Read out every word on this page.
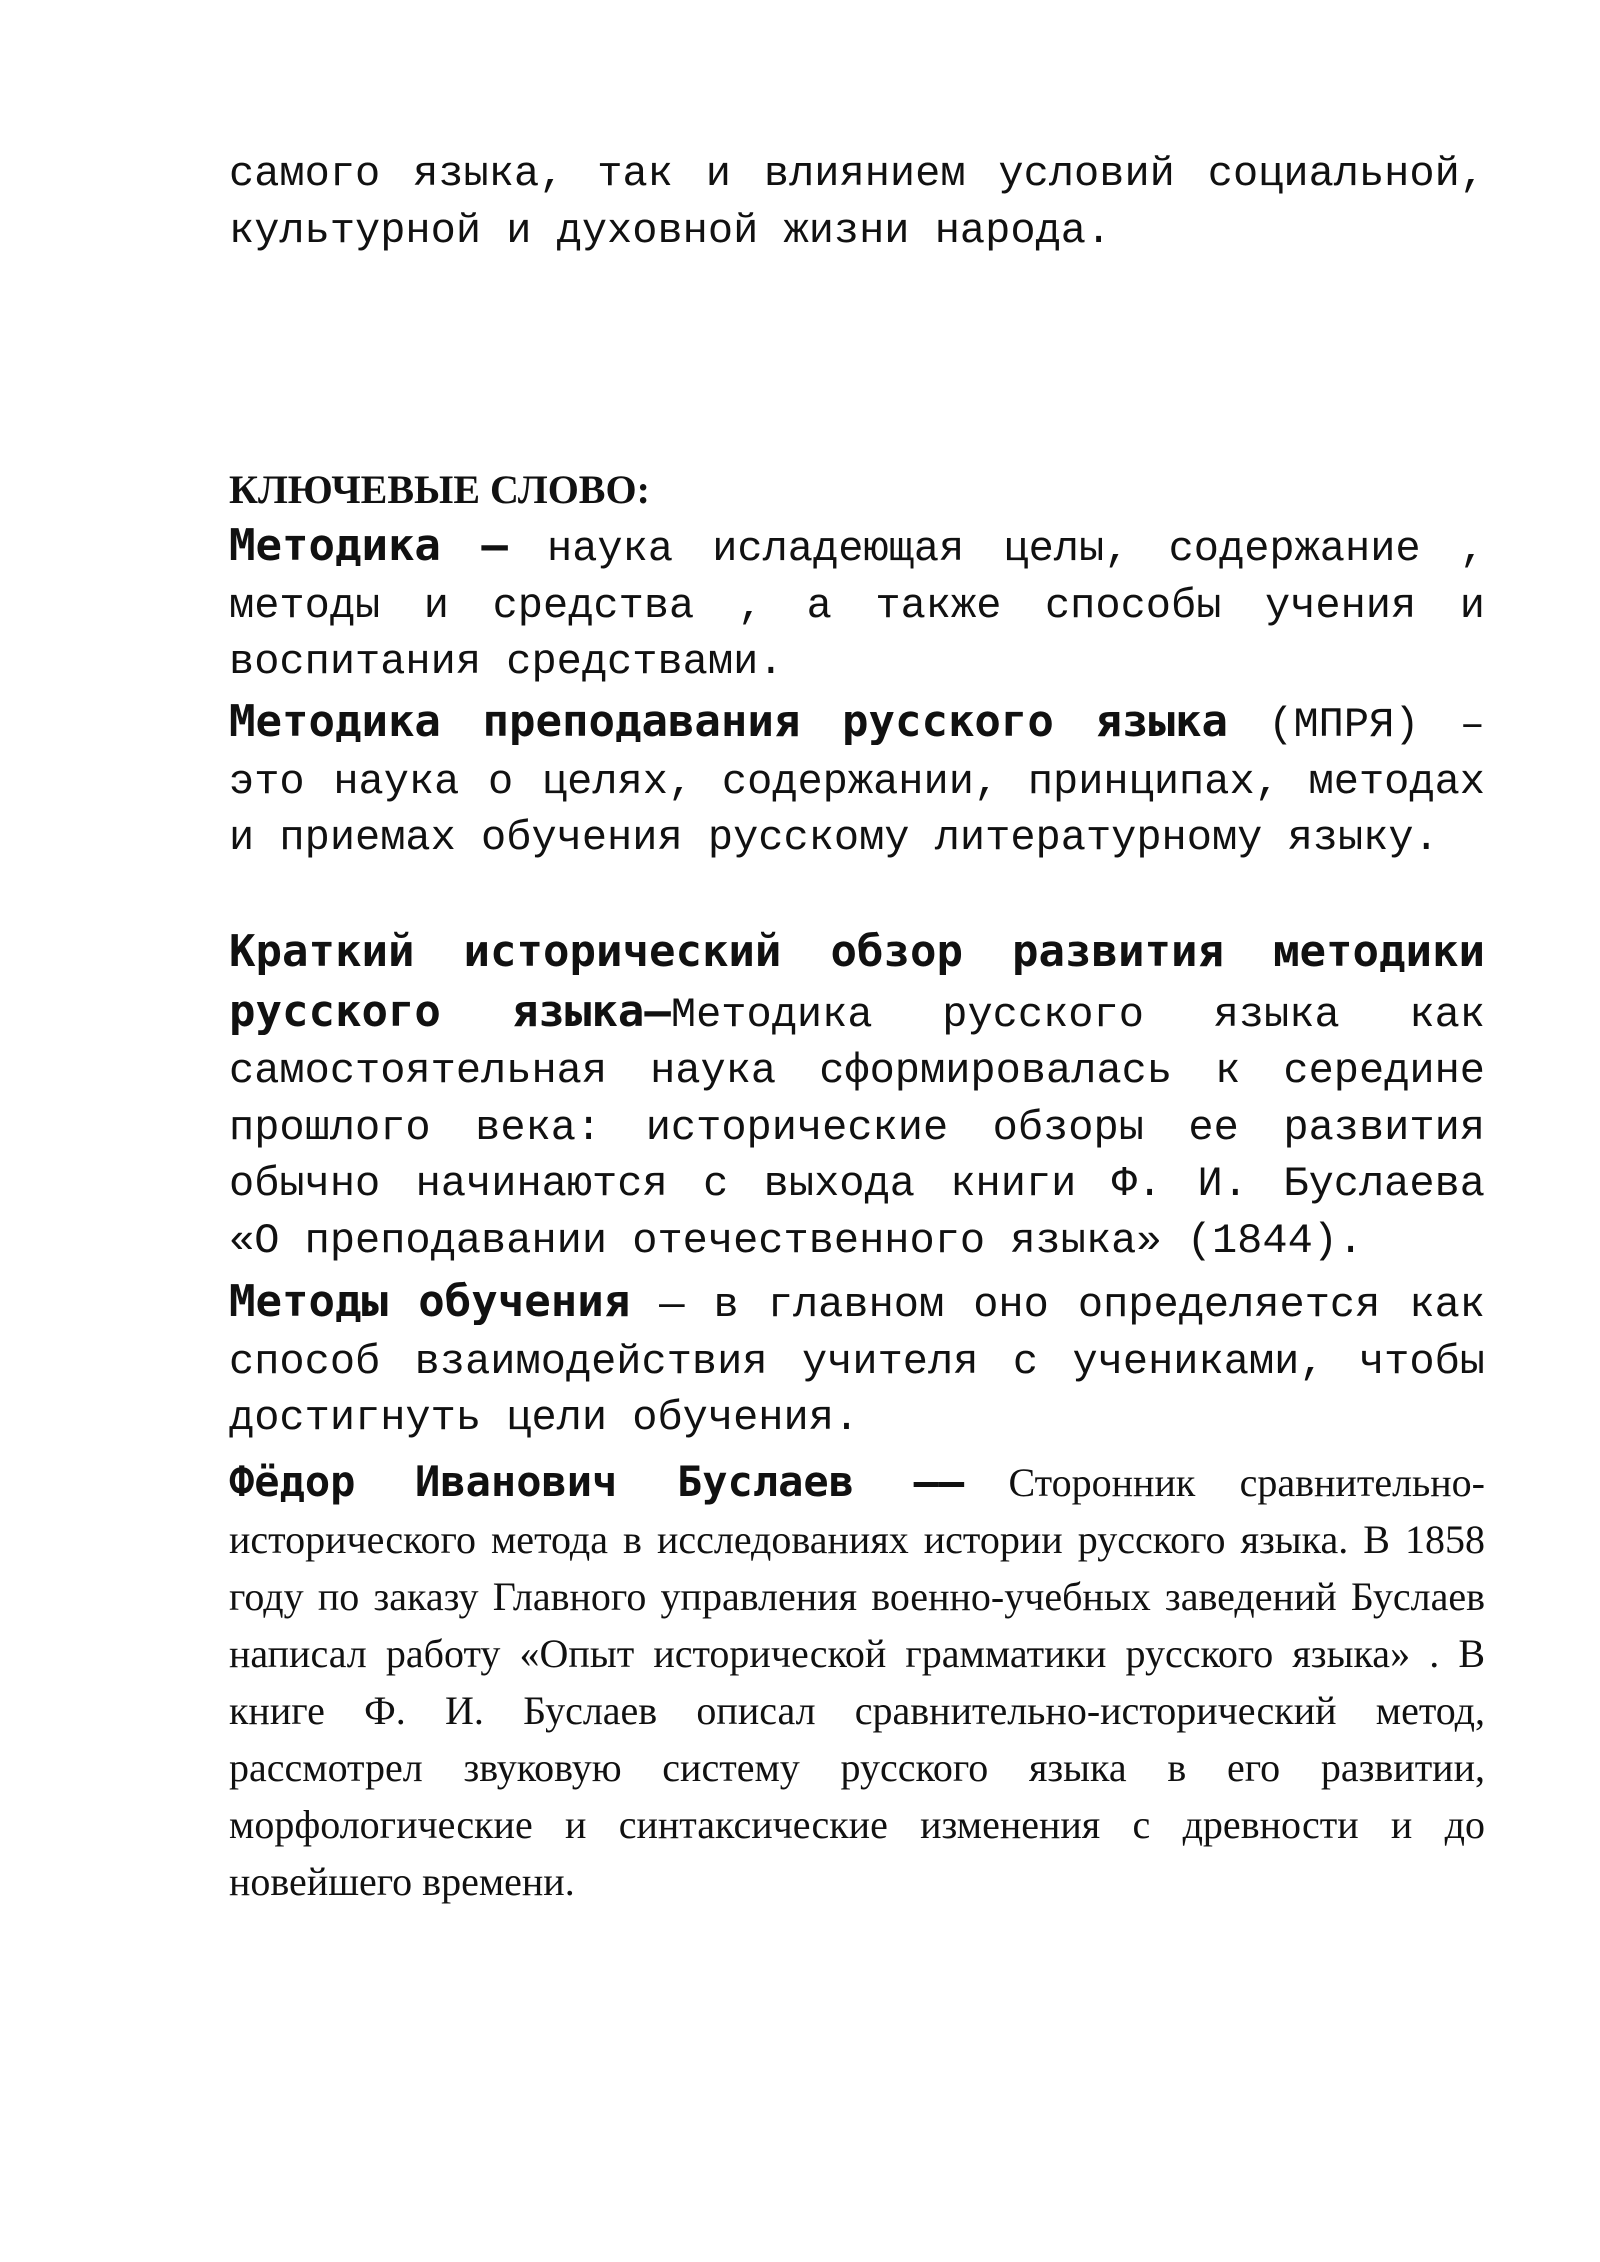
самого языка, так и влиянием условий социальной, культурной и духовной жизни народа.

КЛЮЧЕВЫЕ СЛОВО:

Методика — наука исладеющая целы, содержание , методы и средства , а также способы учения и воспитания средствами.

Методика преподавания русского языка (МПРЯ) – это наука о целях, содержании, принципах, методах и приемах обучения русскому литературному языку.

Краткий исторический обзор развития методики русского языка—Методика русского языка как самостоятельная наука сформировалась к середине прошлого века: исторические обзоры ее развития обычно начинаются с выхода книги Ф. И. Буслаева «О преподавании отечественного языка» (1844).

Методы обучения — в главном оно определяется как способ взаимодействия учителя с учениками, чтобы достигнуть цели обучения.

Фёдор Иванович Буслаев —— Сторонник сравнительно-исторического метода в исследованиях истории русского языка. В 1858 году по заказу Главного управления военно-учебных заведений Буслаев написал работу «Опыт исторической грамматики русского языка» . В книге Ф. И. Буслаев описал сравнительно-исторический метод, рассмотрел звуковую систему русского языка в его развитии, морфологические и синтаксические изменения с древности и до новейшего времени.
